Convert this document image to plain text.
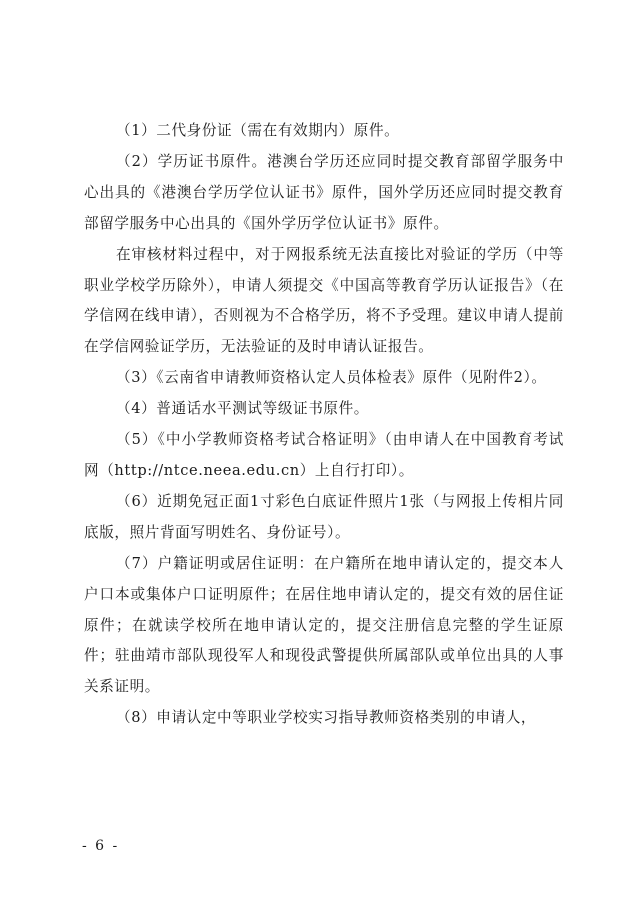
（1）二代身份证（需在有效期内）原件。

（2）学历证书原件。港澳台学历还应同时提交教育部留学服务中心出具的《港澳台学历学位认证书》原件，国外学历还应同时提交教育部留学服务中心出具的《国外学历学位认证书》原件。

在审核材料过程中，对于网报系统无法直接比对验证的学历（中等职业学校学历除外），申请人须提交《中国高等教育学历认证报告》（在学信网在线申请），否则视为不合格学历，将不予受理。建议申请人提前在学信网验证学历，无法验证的及时申请认证报告。

（3）《云南省申请教师资格认定人员体检表》原件（见附件2）。

（4）普通话水平测试等级证书原件。

（5）《中小学教师资格考试合格证明》（由申请人在中国教育考试网（http://ntce.neea.edu.cn）上自行打印）。

（6）近期免冠正面1寸彩色白底证件照片1张（与网报上传相片同底版，照片背面写明姓名、身份证号）。

（7）户籍证明或居住证明：在户籍所在地申请认定的，提交本人户口本或集体户口证明原件；在居住地申请认定的，提交有效的居住证原件；在就读学校所在地申请认定的，提交注册信息完整的学生证原件；驻曲靖市部队现役军人和现役武警提供所属部队或单位出具的人事关系证明。

（8）申请认定中等职业学校实习指导教师资格类别的申请人，

- 6 -
